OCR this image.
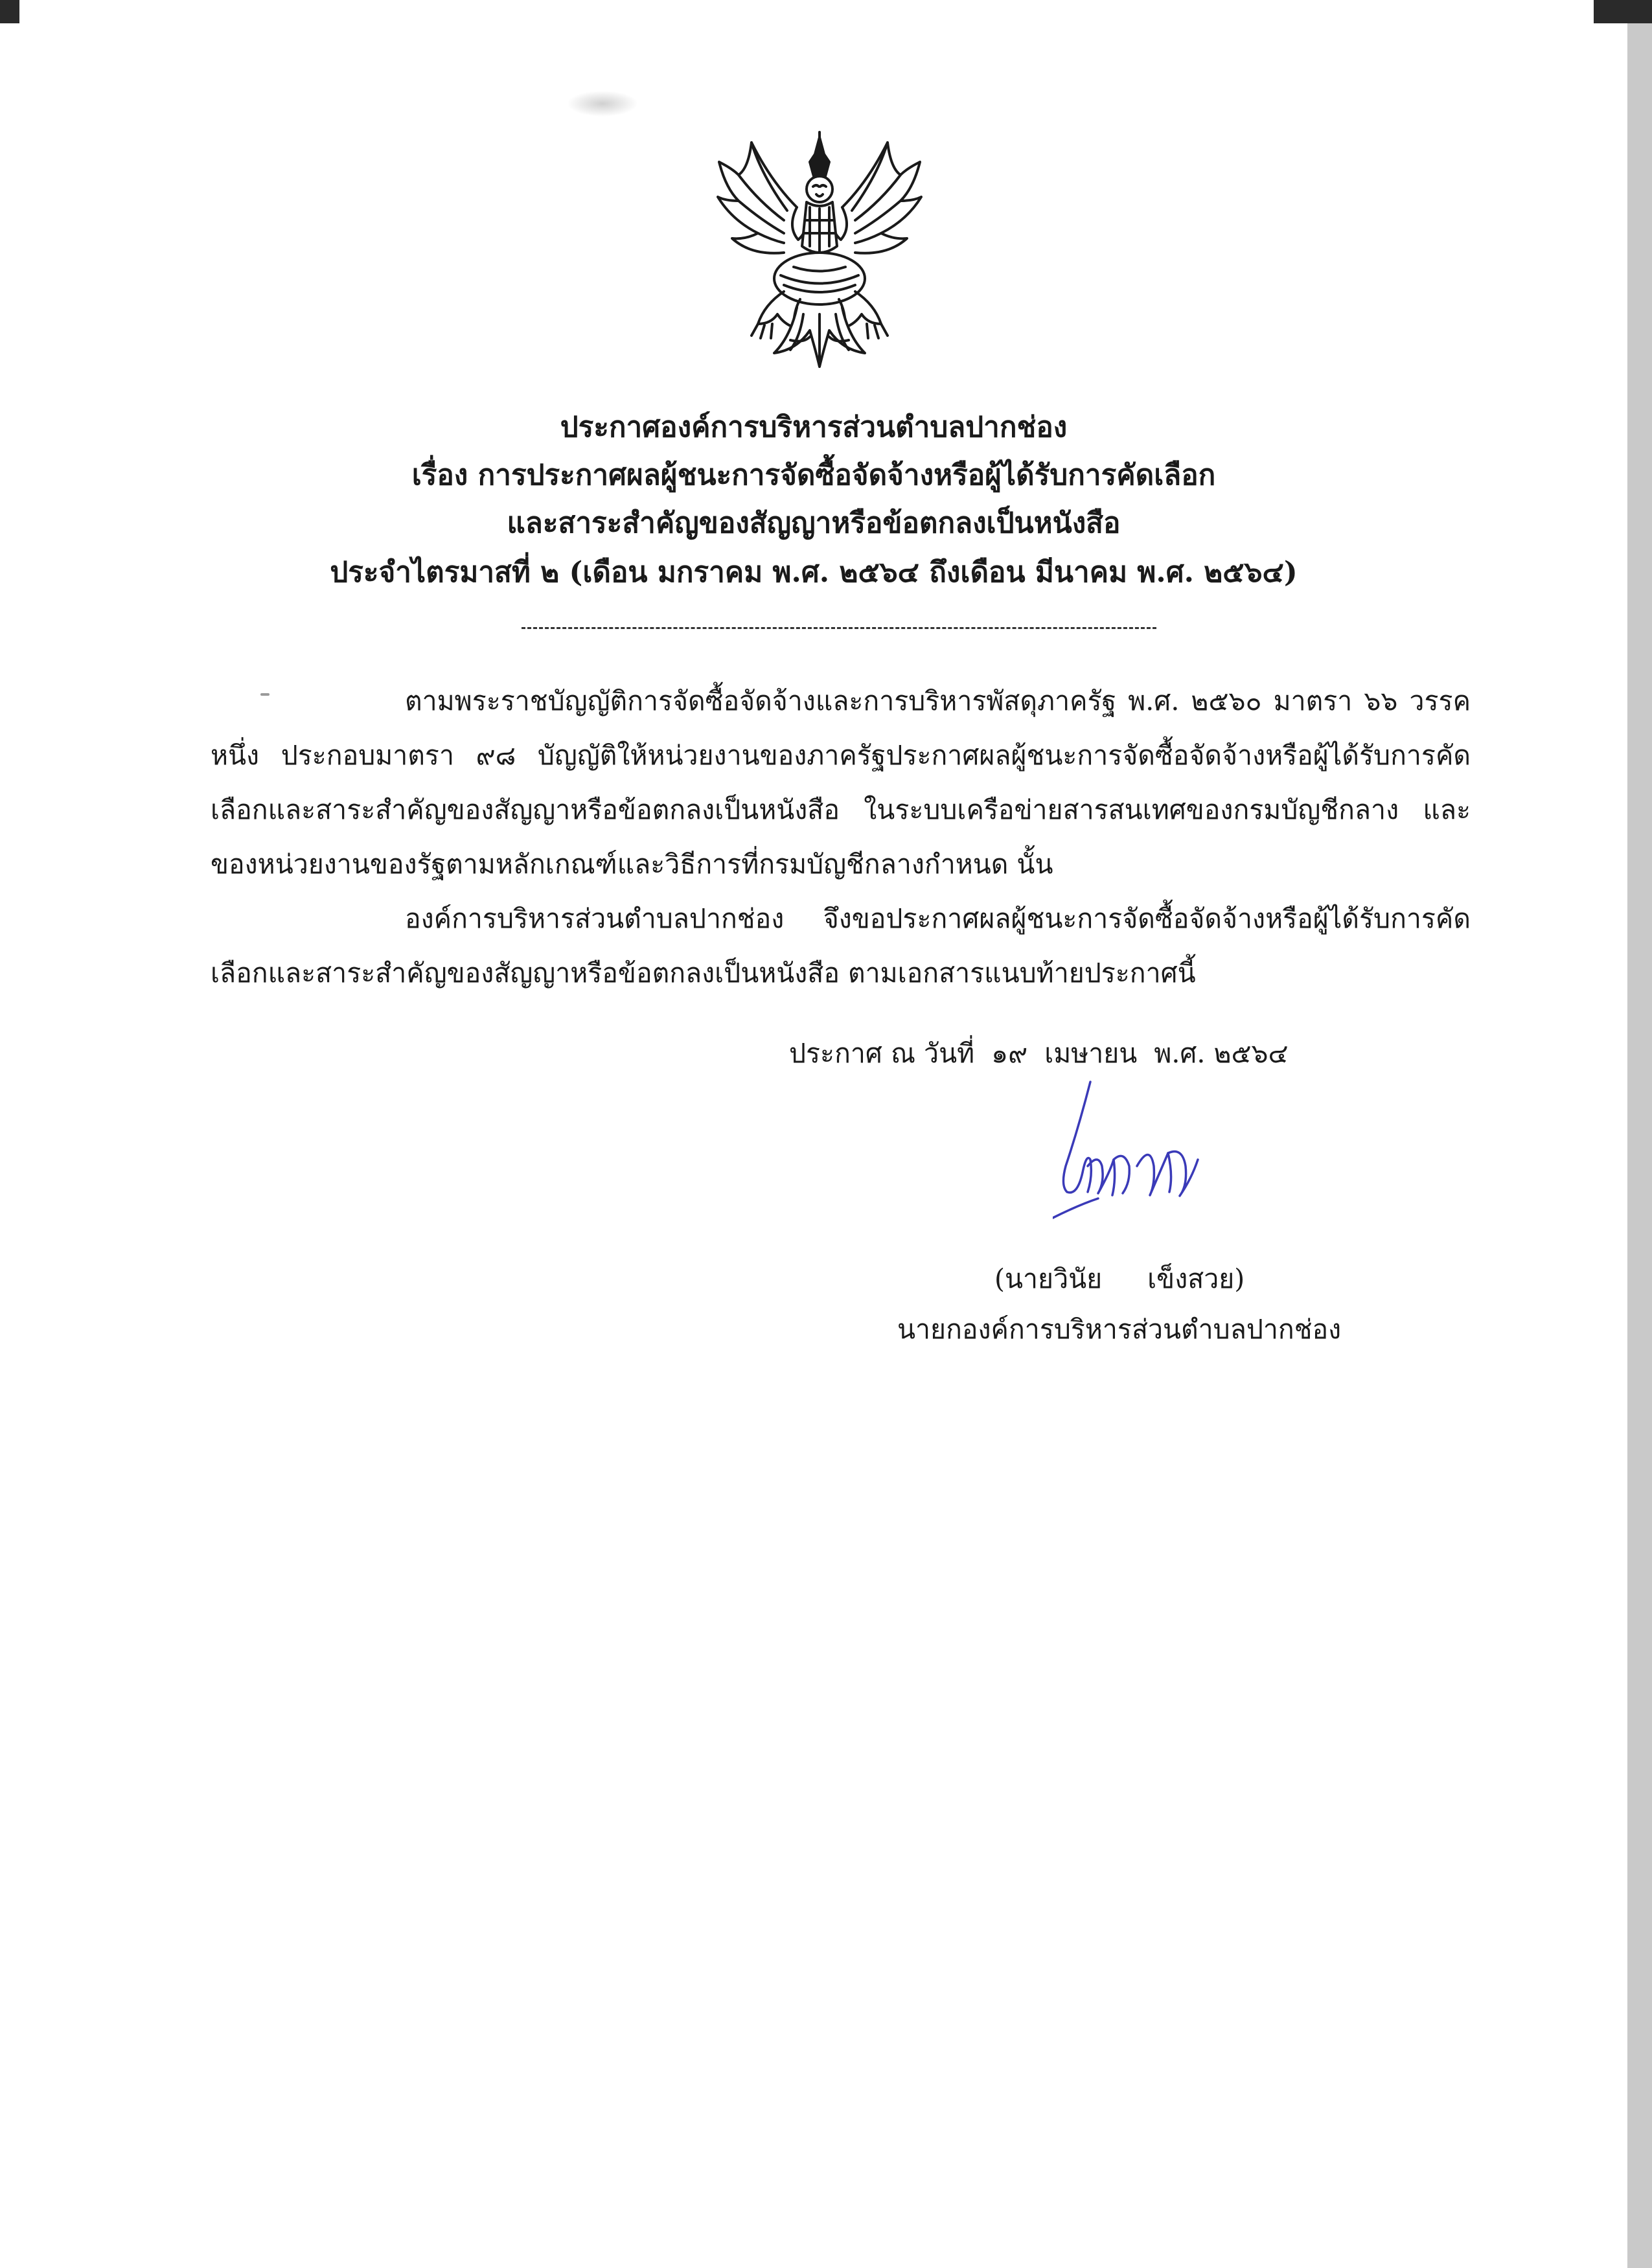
ประกาศองค์การบริหารส่วนตำบลปากช่อง
เรื่อง การประกาศผลผู้ชนะการจัดซื้อจัดจ้างหรือผู้ได้รับการคัดเลือก
และสาระสำคัญของสัญญาหรือข้อตกลงเป็นหนังสือ
ประจำไตรมาสที่ ๒ (เดือน มกราคม พ.ศ. ๒๕๖๔ ถึงเดือน มีนาคม พ.ศ. ๒๕๖๔)
ตามพระราชบัญญัติการจัดซื้อจัดจ้างและการบริหารพัสดุภาครัฐ พ.ศ. ๒๕๖๐ มาตรา ๖๖ วรรคหนึ่ง ประกอบมาตรา ๙๘ บัญญัติให้หน่วยงานของภาครัฐประกาศผลผู้ชนะการจัดซื้อจัดจ้างหรือผู้ได้รับการคัดเลือกและสาระสำคัญของสัญญาหรือข้อตกลงเป็นหนังสือ ในระบบเครือข่ายสารสนเทศของกรมบัญชีกลาง และของหน่วยงานของรัฐตามหลักเกณฑ์และวิธีการที่กรมบัญชีกลางกำหนด นั้น
องค์การบริหารส่วนตำบลปากช่อง จึงขอประกาศผลผู้ชนะการจัดซื้อจัดจ้างหรือผู้ได้รับการคัดเลือกและสาระสำคัญของสัญญาหรือข้อตกลงเป็นหนังสือ ตามเอกสารแนบท้ายประกาศนี้
ประกาศ ณ วันที่ ๑๙ เมษายน พ.ศ. ๒๕๖๔
(นายวินัย เข็งสวย)
นายกองค์การบริหารส่วนตำบลปากช่อง
